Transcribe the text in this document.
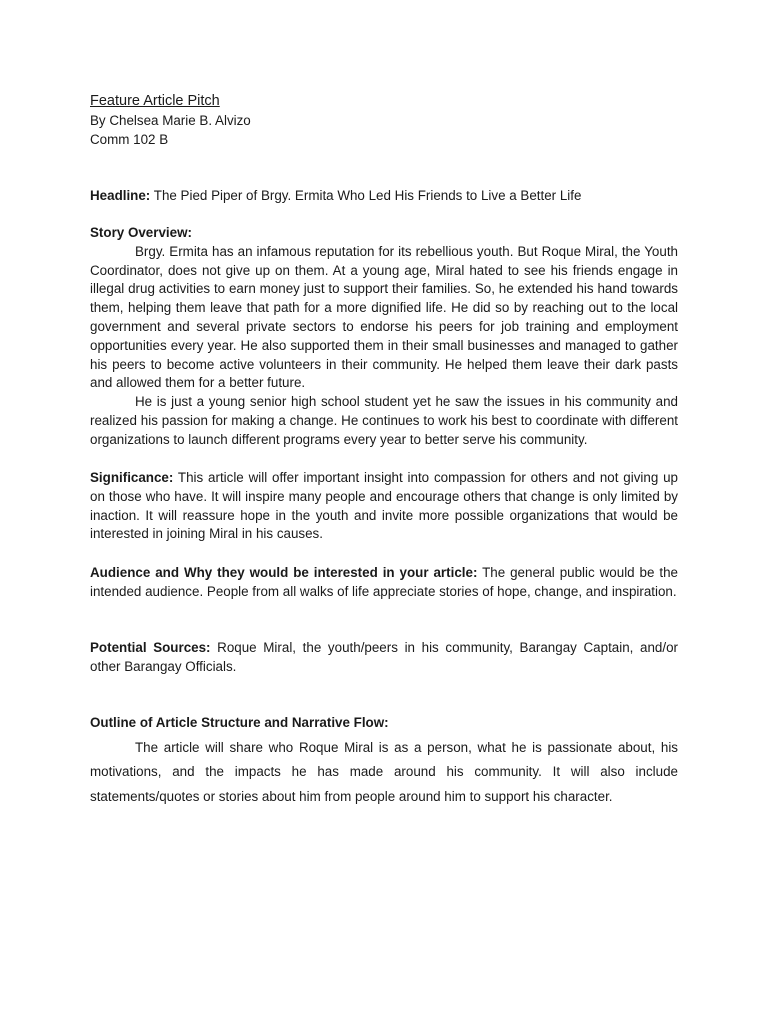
Feature Article Pitch
By Chelsea Marie B. Alvizo
Comm 102 B

Headline: The Pied Piper of Brgy. Ermita Who Led His Friends to Live a Better Life

Story Overview:

Brgy. Ermita has an infamous reputation for its rebellious youth. But Roque Miral, the Youth Coordinator, does not give up on them. At a young age, Miral hated to see his friends engage in illegal drug activities to earn money just to support their families. So, he extended his hand towards them, helping them leave that path for a more dignified life. He did so by reaching out to the local government and several private sectors to endorse his peers for job training and employment opportunities every year. He also supported them in their small businesses and managed to gather his peers to become active volunteers in their community. He helped them leave their dark pasts and allowed them for a better future.

He is just a young senior high school student yet he saw the issues in his community and realized his passion for making a change. He continues to work his best to coordinate with different organizations to launch different programs every year to better serve his community.

Significance: This article will offer important insight into compassion for others and not giving up on those who have. It will inspire many people and encourage others that change is only limited by inaction. It will reassure hope in the youth and invite more possible organizations that would be interested in joining Miral in his causes.

Audience and Why they would be interested in your article: The general public would be the intended audience. People from all walks of life appreciate stories of hope, change, and inspiration.

Potential Sources: Roque Miral, the youth/peers in his community, Barangay Captain, and/or other Barangay Officials.

Outline of Article Structure and Narrative Flow:

The article will share who Roque Miral is as a person, what he is passionate about, his motivations, and the impacts he has made around his community. It will also include statements/quotes or stories about him from people around him to support his character.
